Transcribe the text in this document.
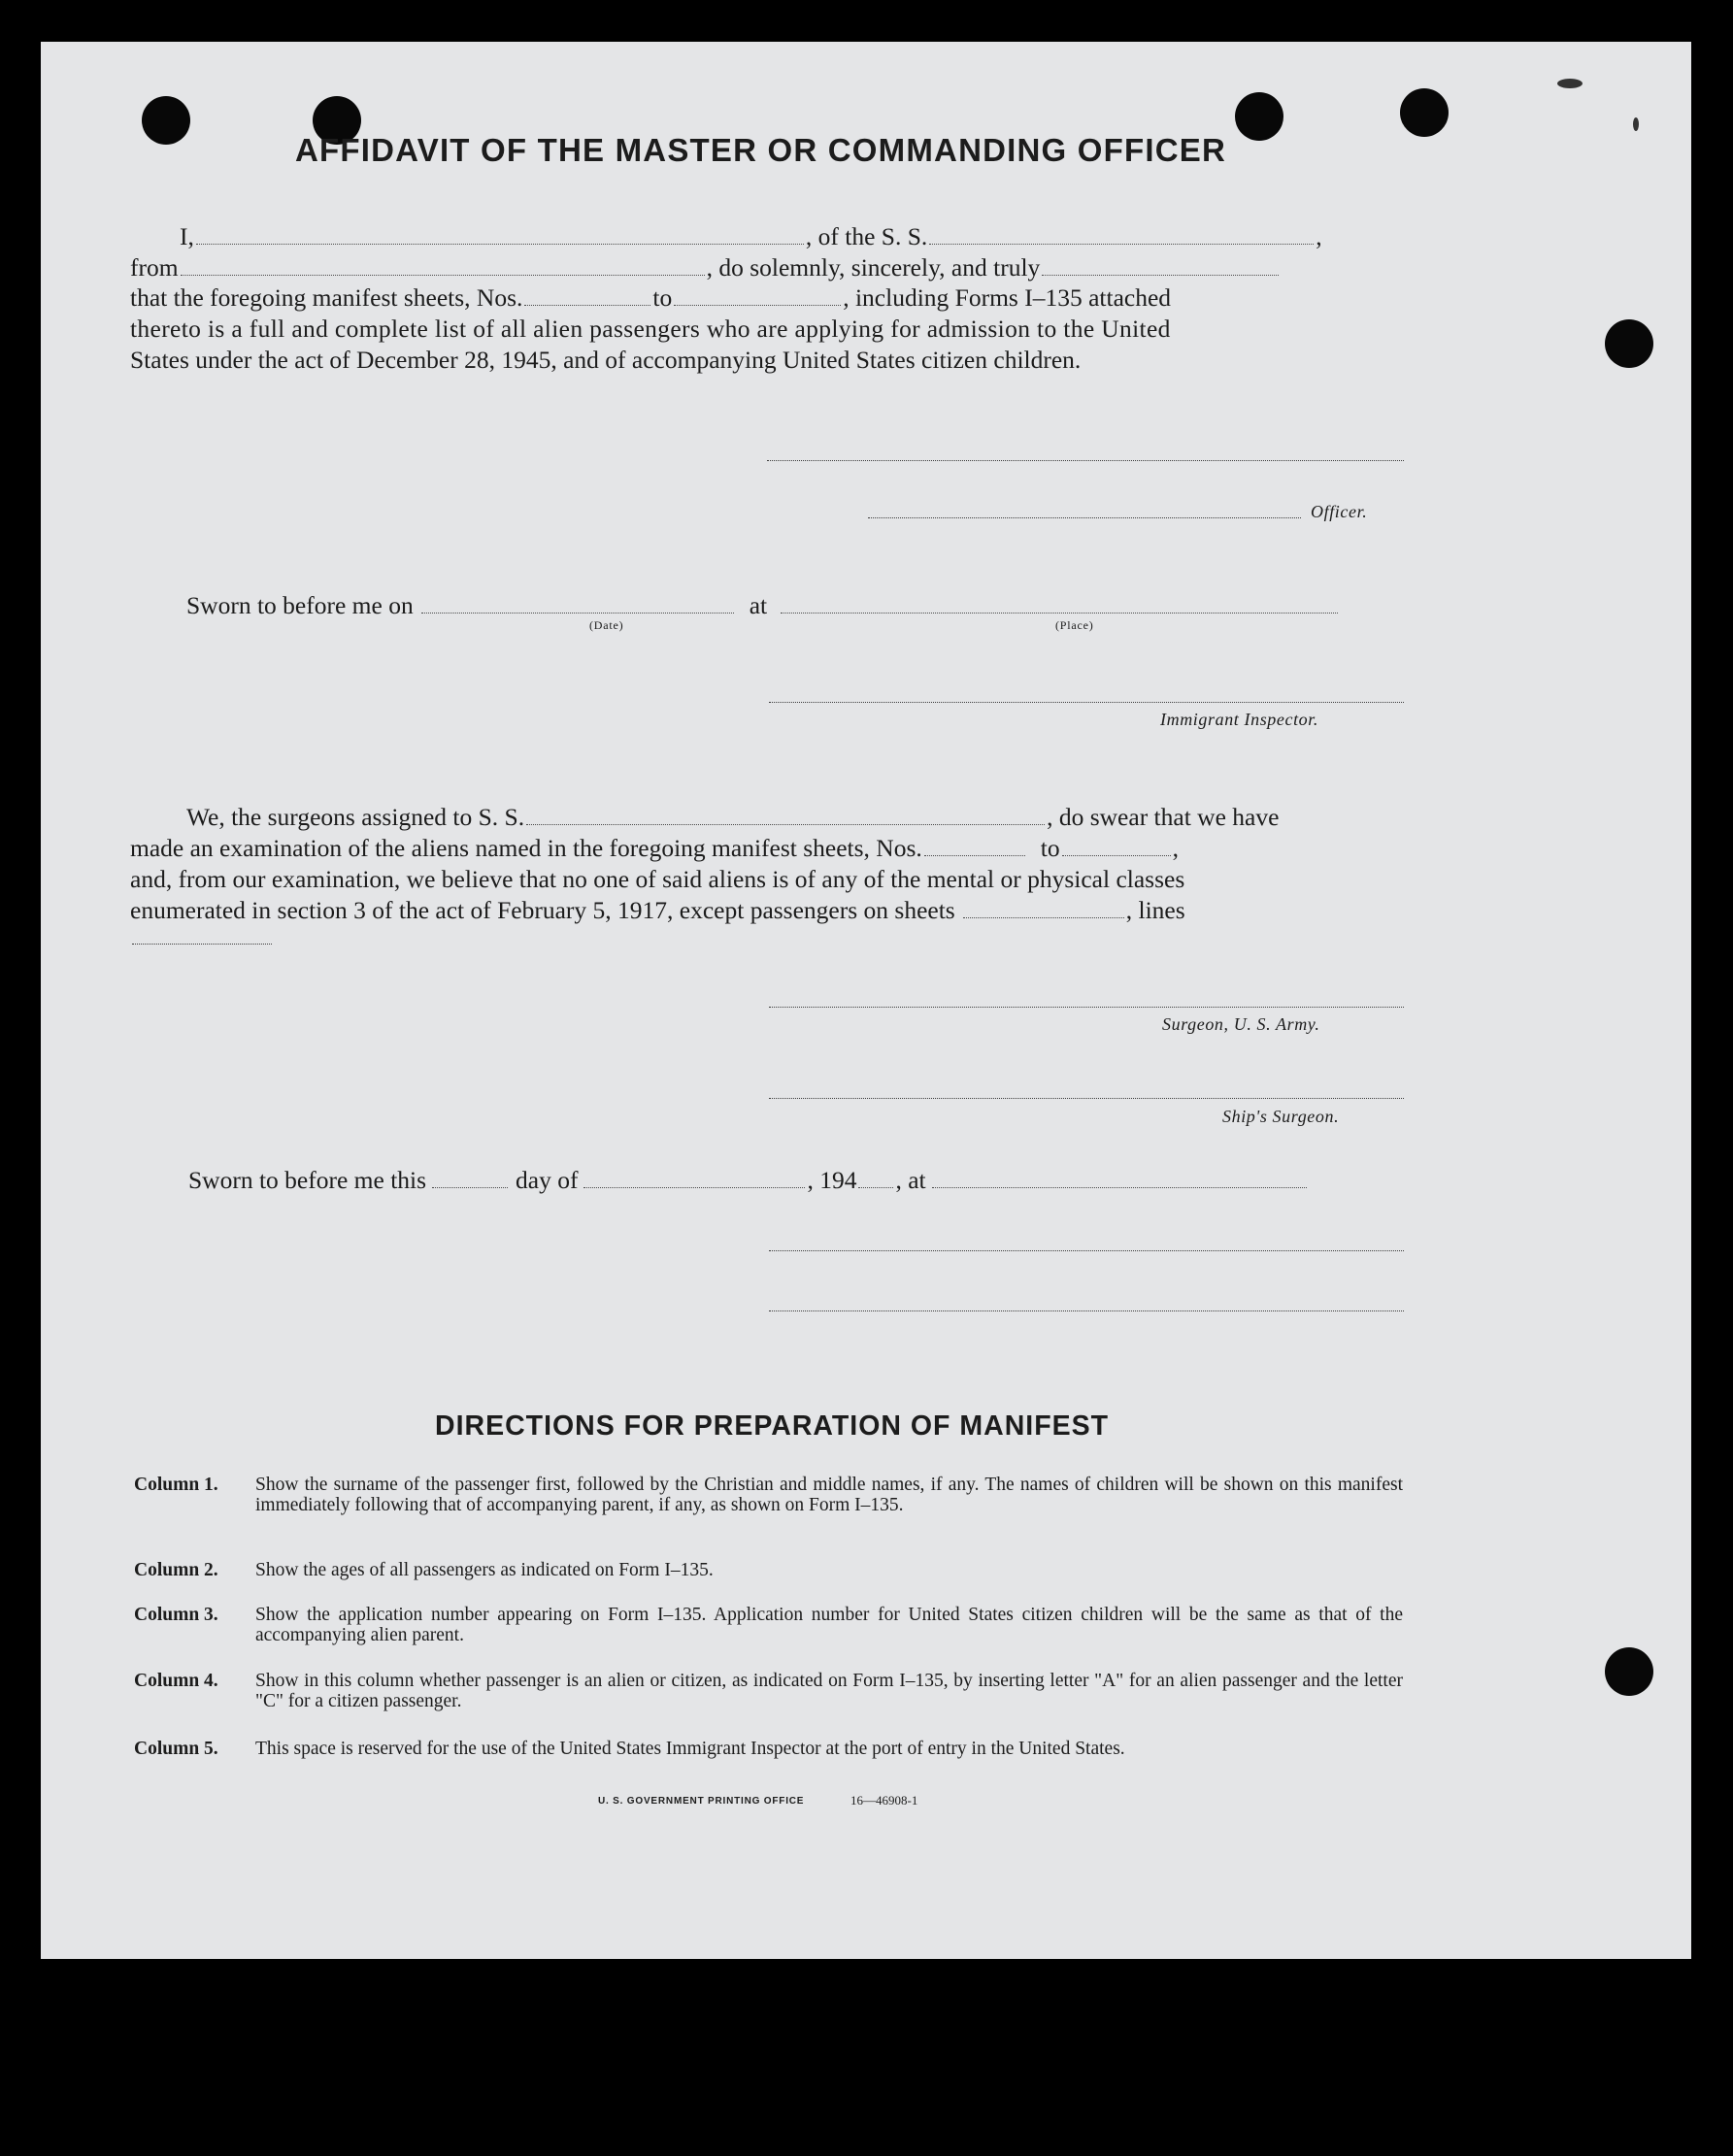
AFFIDAVIT OF THE MASTER OR COMMANDING OFFICER
I,	, of the S. S.	,
from	, do solemnly, sincerely, and truly
that the foregoing manifest sheets, Nos.	to	, including Forms I–135 attached
thereto is a full and complete list of all alien passengers who are applying for admission to the United
States under the act of December 28, 1945, and of accompanying United States citizen children.
Officer.
Sworn to before me on	at
(Date)	(Place)
Immigrant Inspector.
We, the surgeons assigned to S. S.	, do swear that we have
made an examination of the aliens named in the foregoing manifest sheets, Nos.	to	,
and, from our examination, we believe that no one of said aliens is of any of the mental or physical classes
enumerated in section 3 of the act of February 5, 1917, except passengers on sheets	, lines
Surgeon, U. S. Army.
Ship's Surgeon.
Sworn to before me this	day of	, 194 , at
DIRECTIONS FOR PREPARATION OF MANIFEST
Column 1. Show the surname of the passenger first, followed by the Christian and middle names, if any. The names of children will be shown on this manifest immediately following that of accompanying parent, if any, as shown on Form I–135.
Column 2. Show the ages of all passengers as indicated on Form I–135.
Column 3. Show the application number appearing on Form I–135. Application number for United States citizen children will be the same as that of the accompanying alien parent.
Column 4. Show in this column whether passenger is an alien or citizen, as indicated on Form I–135, by inserting letter "A" for an alien passenger and the letter "C" for a citizen passenger.
Column 5. This space is reserved for the use of the United States Immigrant Inspector at the port of entry in the United States.
U. S. GOVERNMENT PRINTING OFFICE	16—46908-1
